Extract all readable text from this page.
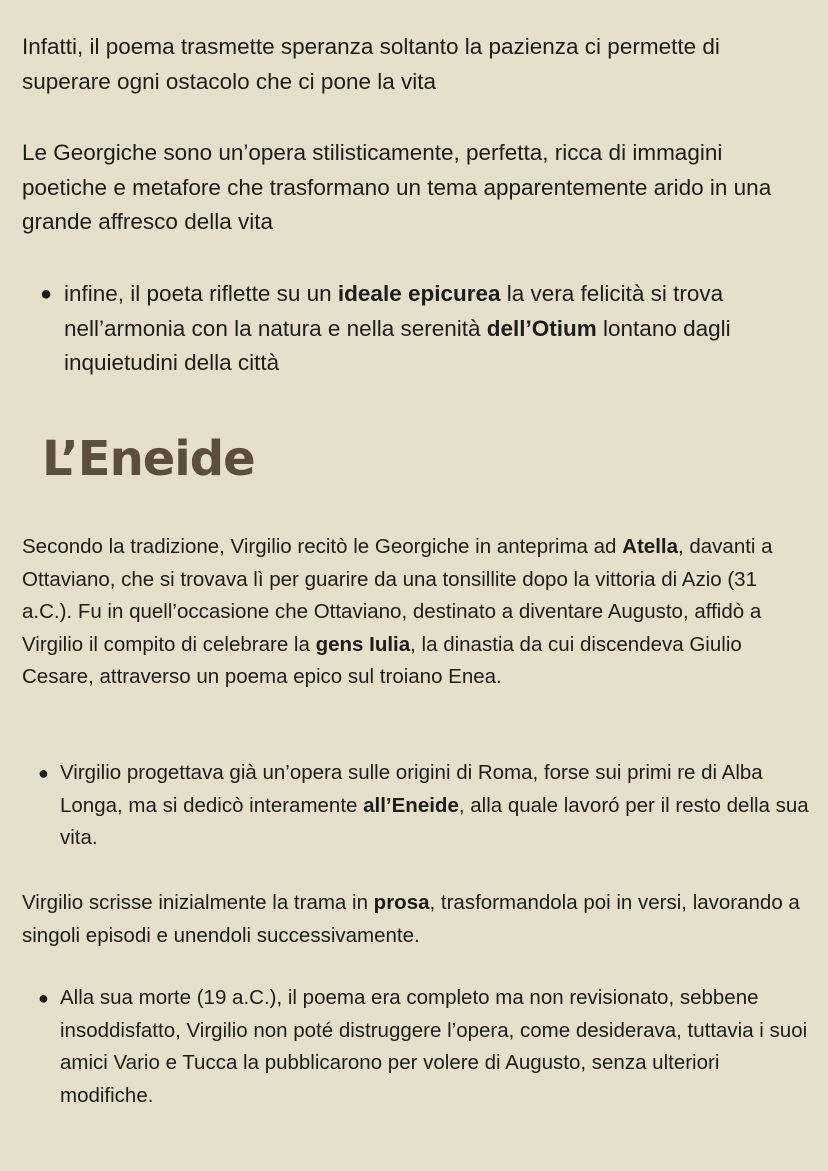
Infatti, il poema trasmette speranza soltanto la pazienza ci permette di superare ogni ostacolo che ci pone la vita

Le Georgiche sono un’opera stilisticamente, perfetta, ricca di immagini poetiche e metafore che trasformano un tema apparentemente arido in una grande affresco della vita

● infine, il poeta riflette su un ideale epicurea la vera felicità si trova nell’armonia con la natura e nella serenità dell’Otium lontano dagli inquietudini della città
L’Eneide

Secondo la tradizione, Virgilio recitò le Georgiche in anteprima ad Atella, davanti a Ottaviano, che si trovava lì per guarire da una tonsillite dopo la vittoria di Azio (31 a.C.). Fu in quell’occasione che Ottaviano, destinato a diventare Augusto, affidò a Virgilio il compito di celebrare la gens Iulia, la dinastia da cui discendeva Giulio Cesare, attraverso un poema epico sul troiano Enea.

● Virgilio progettava già un’opera sulle origini di Roma, forse sui primi re di Alba Longa, ma si dedicò interamente all’Eneide, alla quale lavoró per il resto della sua vita.

Virgilio scrisse inizialmente la trama in prosa, trasformandola poi in versi, lavorando a singoli episodi e unendoli successivamente.

● Alla sua morte (19 a.C.), il poema era completo ma non revisionato, sebbene insoddisfatto, Virgilio non poté distruggere l’opera, come desiderava, tuttavia i suoi amici Vario e Tucca la pubblicarono per volere di Augusto, senza ulteriori modifiche.
